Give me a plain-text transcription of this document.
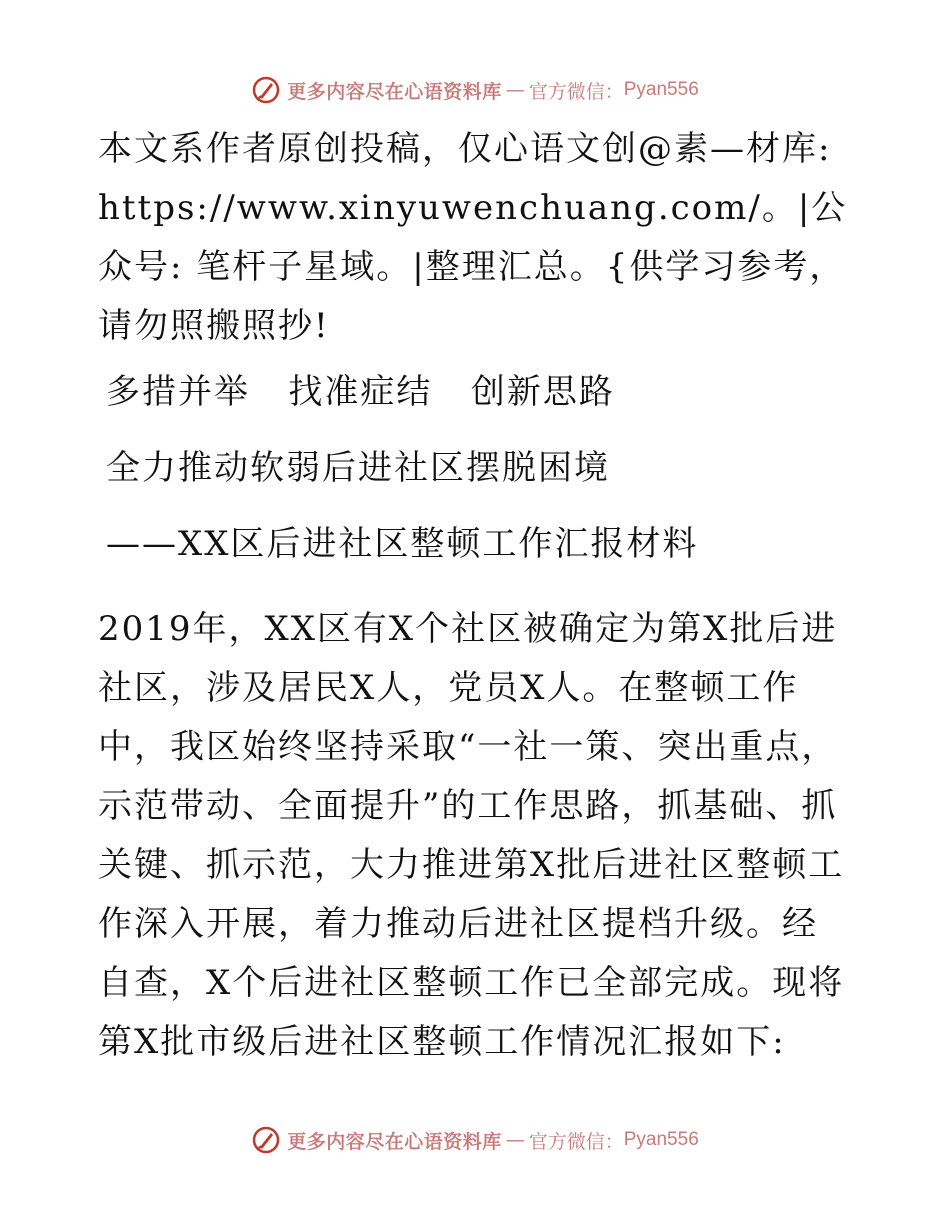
更多内容尽在心语资料库 — 官方微信： Pyan556

本文系作者原创投稿，仅心语文创@素—材库: https://www.xinyuwenchuang.com/。|公众号: 笔杆子星域。|整理汇总。{供学习参考，请勿照搬照抄!

多措并举   找准症结   创新思路

全力推动软弱后进社区摆脱困境

——XX区后进社区整顿工作汇报材料

2019年，XX区有X个社区被确定为第X批后进社区，涉及居民X人，党员X人。在整顿工作中，我区始终坚持采取“一社一策、突出重点，示范带动、全面提升”的工作思路，抓基础、抓关键、抓示范，大力推进第X批后进社区整顿工作深入开展，着力推动后进社区提档升级。经自查，X个后进社区整顿工作已全部完成。现将第X批市级后进社区整顿工作情况汇报如下:

更多内容尽在心语资料库 — 官方微信： Pyan556
